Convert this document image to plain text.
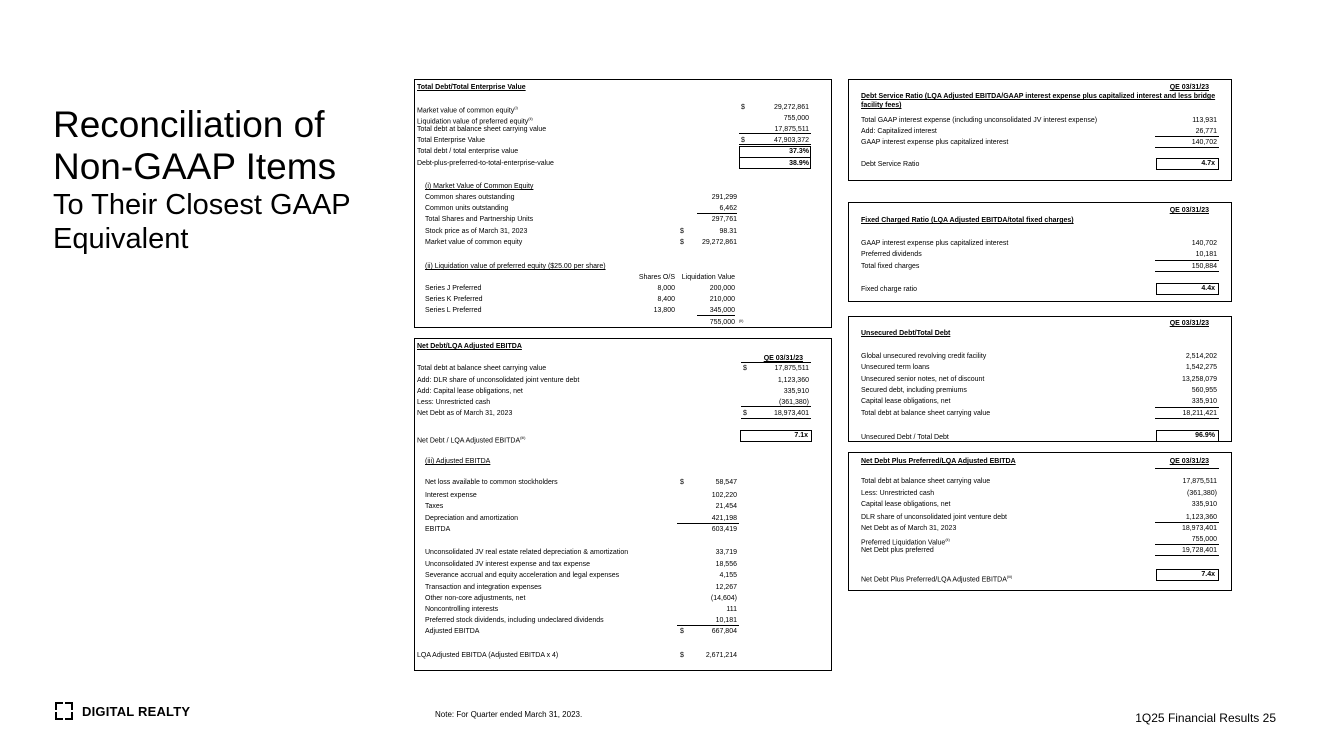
Reconciliation of
Non-GAAP Items
To Their Closest GAAP
Equivalent
Total Debt/Total Enterprise Value
Market value of common equity$^{(i)}$	$	29,272,861
Liquidation value of preferred equity$^{(ii)}$	755,000
Total debt at balance sheet carrying value	17,875,511
Total Enterprise Value	$	47,903,372
Total debt / total enterprise value	37.3%
Debt-plus-preferred-to-total-enterprise-value	38.9%
(i) Market Value of Common Equity
Common shares outstanding	291,299
Common units outstanding	6,462
Total Shares and Partnership Units	297,761
Stock price as of March 31, 2023	$	98.31
Market value of common equity	$	29,272,861
(ii) Liquidation value of preferred equity ($25.00 per share)
Shares O/S Liquidation Value
Series J Preferred	8,000	200,000
Series K Preferred	8,400	210,000
Series L Preferred	13,800	345,000
755,000 (ii)
Net Debt/LQA Adjusted EBITDA
QE 03/31/23
Total debt at balance sheet carrying value	$	17,875,511
Add: DLR share of unconsolidated joint venture debt	1,123,360
Add: Capital lease obligations, net	335,910
Less: Unrestricted cash	(361,380)
Net Debt as of March 31, 2023	$	18,973,401
Net Debt / LQA Adjusted EBITDA$^{(iii)}$	7.1x
(iii) Adjusted EBITDA
Net loss available to common stockholders	$	58,547
Interest expense	102,220
Taxes	21,454
Depreciation and amortization	421,198
EBITDA	603,419
Unconsolidated JV real estate related depreciation & amortization	33,719
Unconsolidated JV interest expense and tax expense	18,556
Severance accrual and equity acceleration and legal expenses	4,155
Transaction and integration expenses	12,267
Other non-core adjustments, net	(14,604)
Noncontrolling interests	111
Preferred stock dividends, including undeclared dividends	10,181
Adjusted EBITDA	$	667,804
LQA Adjusted EBITDA (Adjusted EBITDA x 4)	$	2,671,214
QE 03/31/23
Debt Service Ratio (LQA Adjusted EBITDA/GAAP interest expense plus capitalized interest and less bridge
facility fees)
Total GAAP interest expense (including unconsolidated JV interest expense)	113,931
Add: Capitalized interest	26,771
GAAP interest expense plus capitalized interest	140,702
Debt Service Ratio	4.7x
QE 03/31/23
Fixed Charged Ratio (LQA Adjusted EBITDA/total fixed charges)
GAAP interest expense plus capitalized interest	140,702
Preferred dividends	10,181
Total fixed charges	150,884
Fixed charge ratio	4.4x
QE 03/31/23
Unsecured Debt/Total Debt
Global unsecured revolving credit facility	2,514,202
Unsecured term loans	1,542,275
Unsecured senior notes, net of discount	13,258,079
Secured debt, including premiums	560,955
Capital lease obligations, net	335,910
Total debt at balance sheet carrying value	18,211,421
Unsecured Debt / Total Debt	96.9%
Net Debt Plus Preferred/LQA Adjusted EBITDA	QE 03/31/23
Total debt at balance sheet carrying value	17,875,511
Less: Unrestricted cash	(361,380)
Capital lease obligations, net	335,910
DLR share of unconsolidated joint venture debt	1,123,360
Net Debt as of March 31, 2023	18,973,401
Preferred Liquidation Value$^{(ii)}$	755,000
Net Debt plus preferred	19,728,401
Net Debt Plus Preferred/LQA Adjusted EBITDA$^{(iii)}$	7.4x
DIGITAL REALTY	Note: For Quarter ended March 31, 2023.	1Q25 Financial Results 25
